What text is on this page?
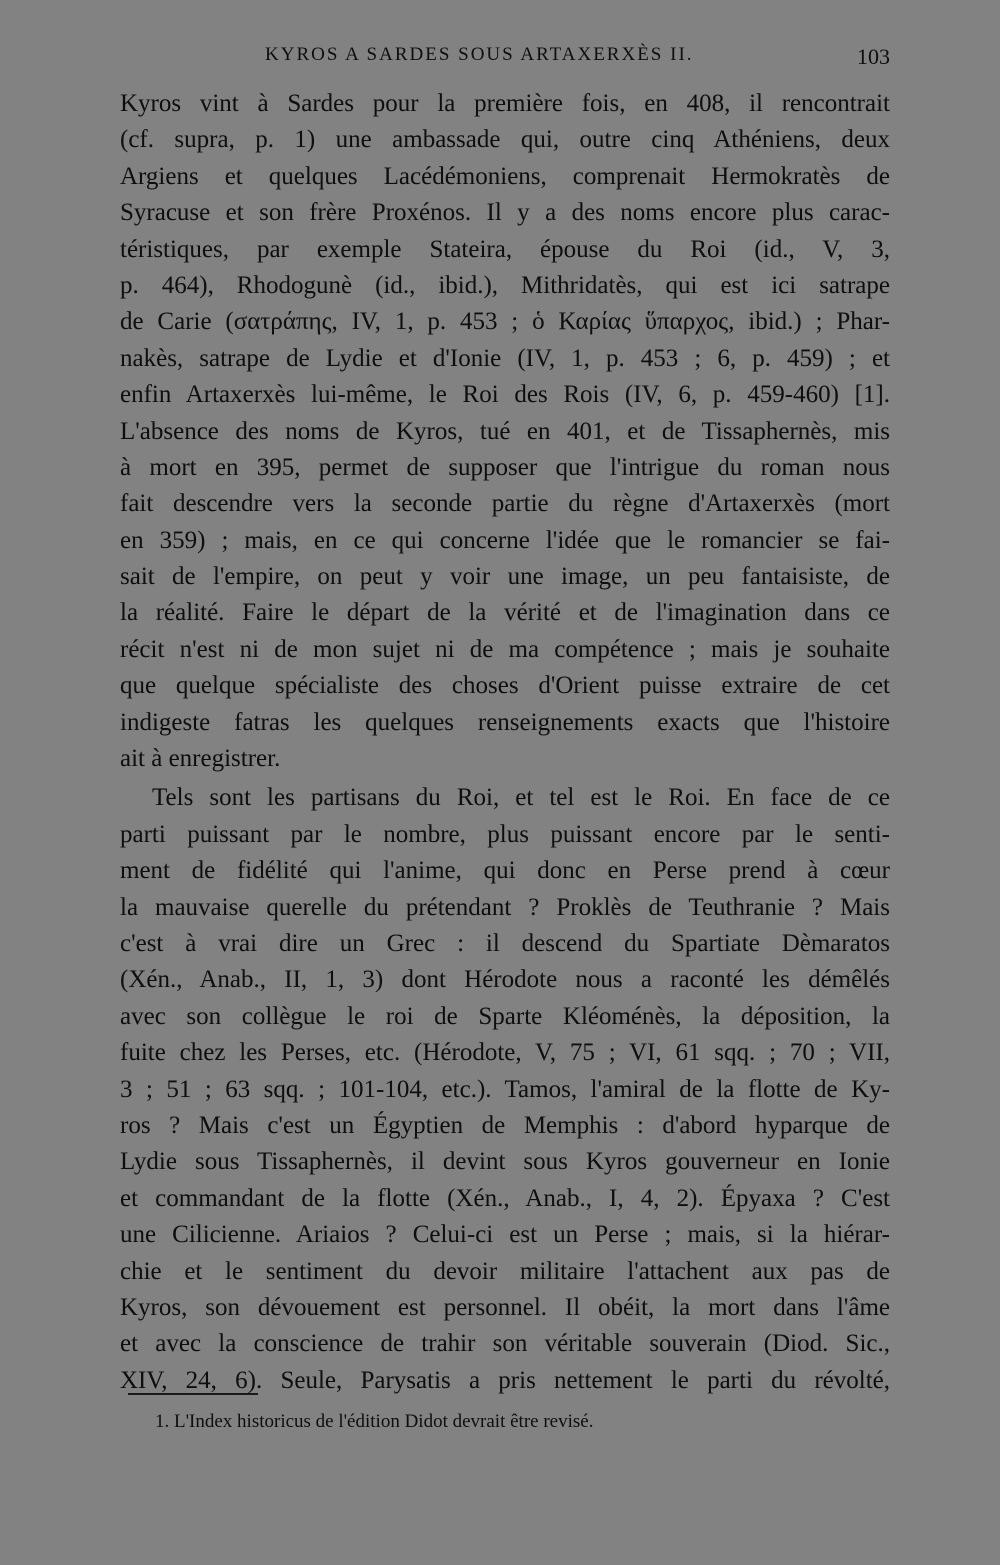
KYROS A SARDES SOUS ARTAXERXÈS II.	103
Kyros vint à Sardes pour la première fois, en 408, il rencontrait
(cf. supra, p. 1) une ambassade qui, outre cinq Athéniens, deux
Argiens et quelques Lacédémoniens, comprenait Hermokratès de
Syracuse et son frère Proxénos. Il y a des noms encore plus carac-
téristiques, par exemple Stateira, épouse du Roi (id., V, 3,
p. 464), Rhodogunè (id., ibid.), Mithridatès, qui est ici satrape
de Carie (σατράπης, IV, 1, p. 453 ; ὁ Καρίας ὕπαρχος, ibid.) ; Phar-
nakès, satrape de Lydie et d'Ionie (IV, 1, p. 453 ; 6, p. 459) ; et
enfin Artaxerxès lui-même, le Roi des Rois (IV, 6, p. 459-460) [1].
L'absence des noms de Kyros, tué en 401, et de Tissaphernès, mis
à mort en 395, permet de supposer que l'intrigue du roman nous
fait descendre vers la seconde partie du règne d'Artaxerxès (mort
en 359) ; mais, en ce qui concerne l'idée que le romancier se fai-
sait de l'empire, on peut y voir une image, un peu fantaisiste, de
la réalité. Faire le départ de la vérité et de l'imagination dans ce
récit n'est ni de mon sujet ni de ma compétence ; mais je souhaite
que quelque spécialiste des choses d'Orient puisse extraire de cet
indigeste fatras les quelques renseignements exacts que l'histoire
ait à enregistrer.
Tels sont les partisans du Roi, et tel est le Roi. En face de ce
parti puissant par le nombre, plus puissant encore par le senti-
ment de fidélité qui l'anime, qui donc en Perse prend à cœur
la mauvaise querelle du prétendant ? Proklès de Teuthranie ? Mais
c'est à vrai dire un Grec : il descend du Spartiate Dèmaratos
(Xén., Anab., II, 1, 3) dont Hérodote nous a raconté les démêlés
avec son collègue le roi de Sparte Kléoménès, la déposition, la
fuite chez les Perses, etc. (Hérodote, V, 75 ; VI, 61 sqq. ; 70 ; VII,
3 ; 51 ; 63 sqq. ; 101-104, etc.). Tamos, l'amiral de la flotte de Ky-
ros ? Mais c'est un Égyptien de Memphis : d'abord hyparque de
Lydie sous Tissaphernès, il devint sous Kyros gouverneur en Ionie
et commandant de la flotte (Xén., Anab., I, 4, 2). Épyaxa ? C'est
une Cilicienne. Ariaios ? Celui-ci est un Perse ; mais, si la hiérar-
chie et le sentiment du devoir militaire l'attachent aux pas de
Kyros, son dévouement est personnel. Il obéit, la mort dans l'âme
et avec la conscience de trahir son véritable souverain (Diod. Sic.,
XIV, 24, 6). Seule, Parysatis a pris nettement le parti du révolté,
1. L'Index historicus de l'édition Didot devrait être revisé.
